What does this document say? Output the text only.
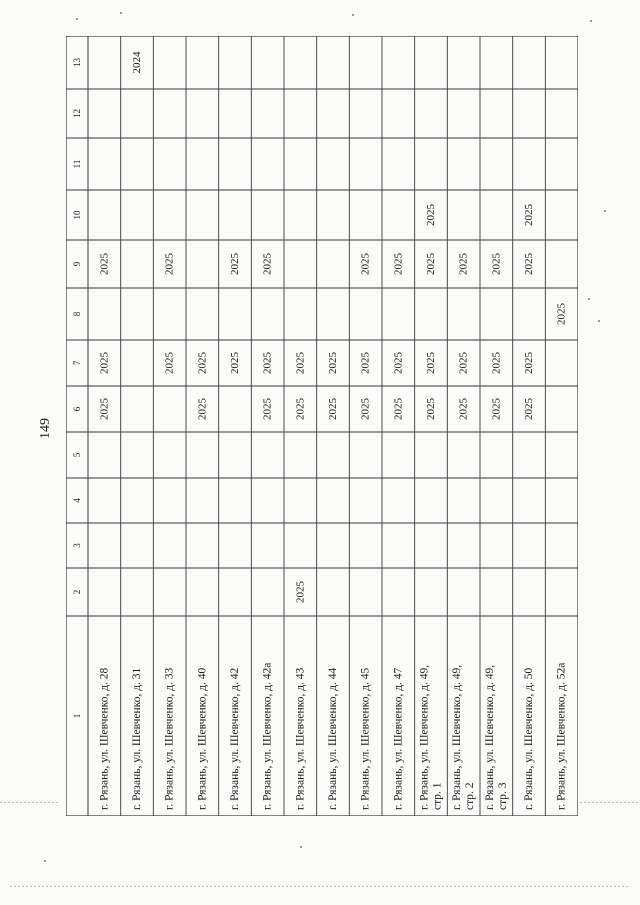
149
1
2
3
4
5
6
7
8
9
10
11
12
13
г. Рязань, ул. Шевченко, д. 28
2025
2025
2025
г. Рязань, ул. Шевченко, д. 31
2024
г. Рязань, ул. Шевченко, д. 33
2025
2025
г. Рязань, ул. Шевченко, д. 40
2025
2025
г. Рязань, ул. Шевченко, д. 42
2025
2025
г. Рязань, ул. Шевченко, д. 42а
2025
2025
2025
г. Рязань, ул. Шевченко, д. 43
2025
2025
2025
г. Рязань, ул. Шевченко, д. 44
2025
2025
г. Рязань, ул. Шевченко, д. 45
2025
2025
2025
г. Рязань, ул. Шевченко, д. 47
2025
2025
2025
г. Рязань, ул. Шевченко, д. 49, стр. 1
2025
2025
2025
2025
г. Рязань, ул. Шевченко, д. 49, стр. 2
2025
2025
2025
г. Рязань, ул. Шевченко, д. 49, стр. 3
2025
2025
2025
г. Рязань, ул. Шевченко, д. 50
2025
2025
2025
2025
г. Рязань, ул. Шевченко, д. 52а
2025
